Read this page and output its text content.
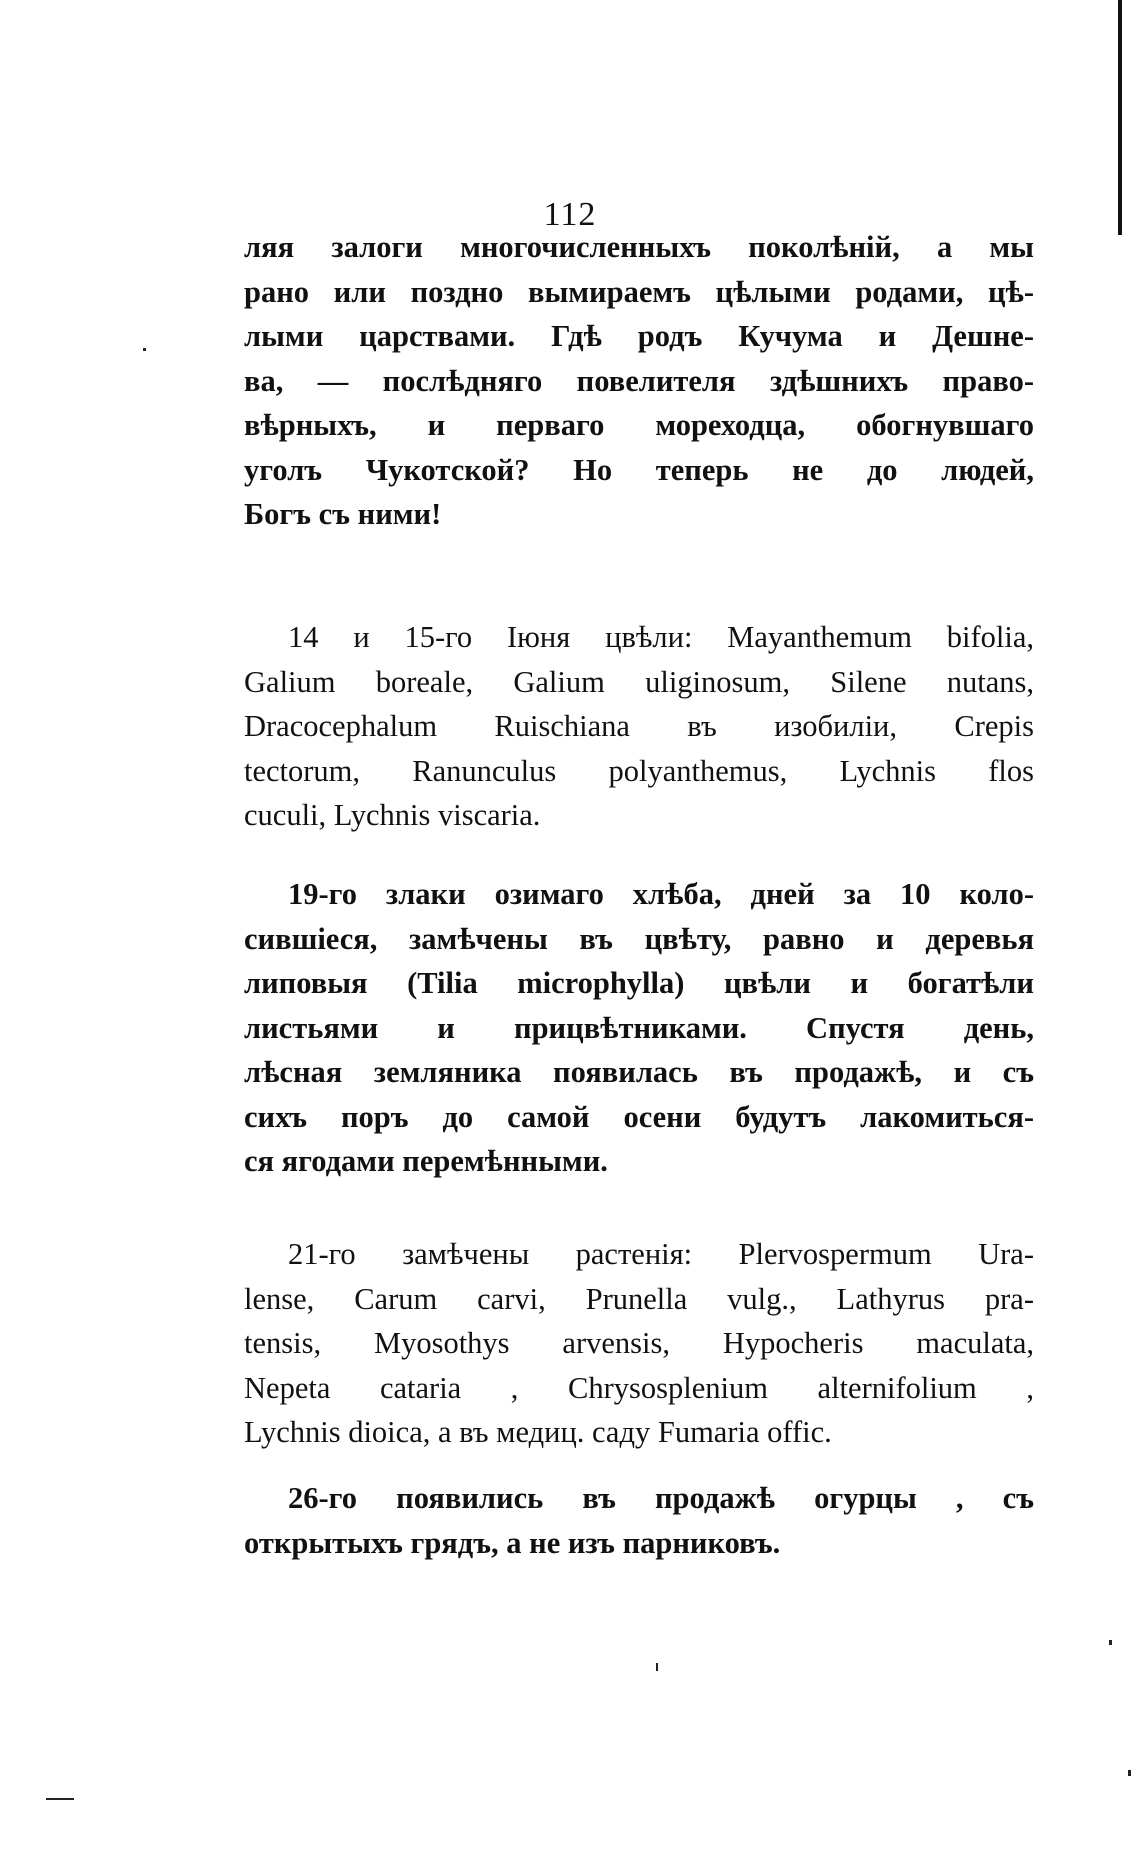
112
ляя залоги многочисленныхъ поколѣній, а мы
рано или поздно вымираемъ цѣлыми родами, цѣ-
лыми царствами. Гдѣ родъ Кучума и Дешне-
ва, — послѣдняго повелителя здѣшнихъ право-
вѣрныхъ, и перваго мореходца, обогнувшаго
уголъ Чукотской? Но теперь не до людей,
Богъ съ ними!
14 и 15-го Іюня цвѣли: Mayanthemum bifolia,
Galium boreale, Galium uliginosum, Silene nutans,
Dracocephalum Ruischiana въ изобиліи, Crepis
tectorum, Ranunculus polyanthemus, Lychnis flos
cuculi, Lychnis viscaria.
19-го злаки озимаго хлѣба, дней за 10 коло-
сившіеся, замѣчены въ цвѣту, равно и деревья
липовыя (Tilia microphylla) цвѣли и богатѣли
листьями и прицвѣтниками. Спустя день,
лѣсная земляника появилась въ продажѣ, и съ
сихъ поръ до самой осени будутъ лакомиться-
ся ягодами перемѣнными.
21-го замѣчены растенія: Plervospermum Ura-
lense, Carum carvi, Prunella vulg., Lathyrus pra-
tensis, Myosothys arvensis, Hypocheris maculata,
Nepeta cataria , Chrysosplenium alternifolium ,
Lychnis dioica, а въ медиц. саду Fumaria offic.
26-го появились въ продажѣ огурцы , съ
открытыхъ грядъ, а не изъ парниковъ.
